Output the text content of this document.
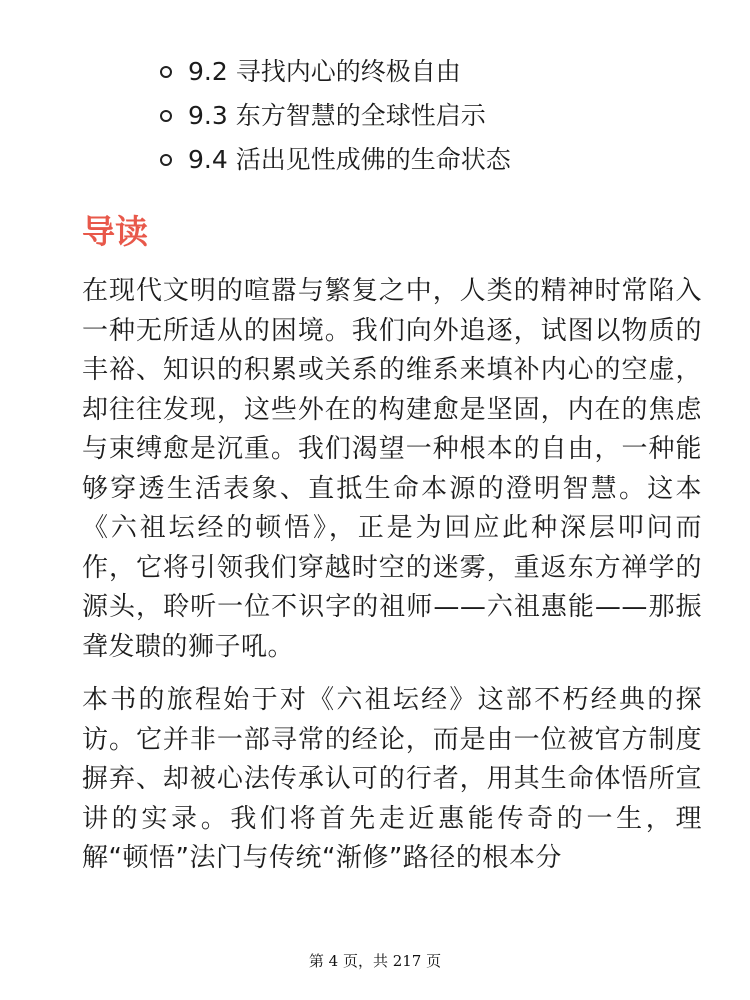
9.2 寻找内心的终极自由
9.3 东方智慧的全球性启示
9.4 活出见性成佛的生命状态
导读

在现代文明的喧嚣与繁复之中，人类的精神时常陷入一种无所适从的困境。我们向外追逐，试图以物质的丰裕、知识的积累或关系的维系来填补内心的空虚，却往往发现，这些外在的构建愈是坚固，内在的焦虑与束缚愈是沉重。我们渴望一种根本的自由，一种能够穿透生活表象、直抵生命本源的澄明智慧。这本《六祖坛经的顿悟》，正是为回应此种深层叩问而作，它将引领我们穿越时空的迷雾，重返东方禅学的源头，聆听一位不识字的祖师——六祖惠能——那振聋发聩的狮子吼。

本书的旅程始于对《六祖坛经》这部不朽经典的探访。它并非一部寻常的经论，而是由一位被官方制度摒弃、却被心法传承认可的行者，用其生命体悟所宣讲的实录。我们将首先走近惠能传奇的一生，理解“顿悟”法门与传统“渐修”路径的根本分

第 4 页，共 217 页
